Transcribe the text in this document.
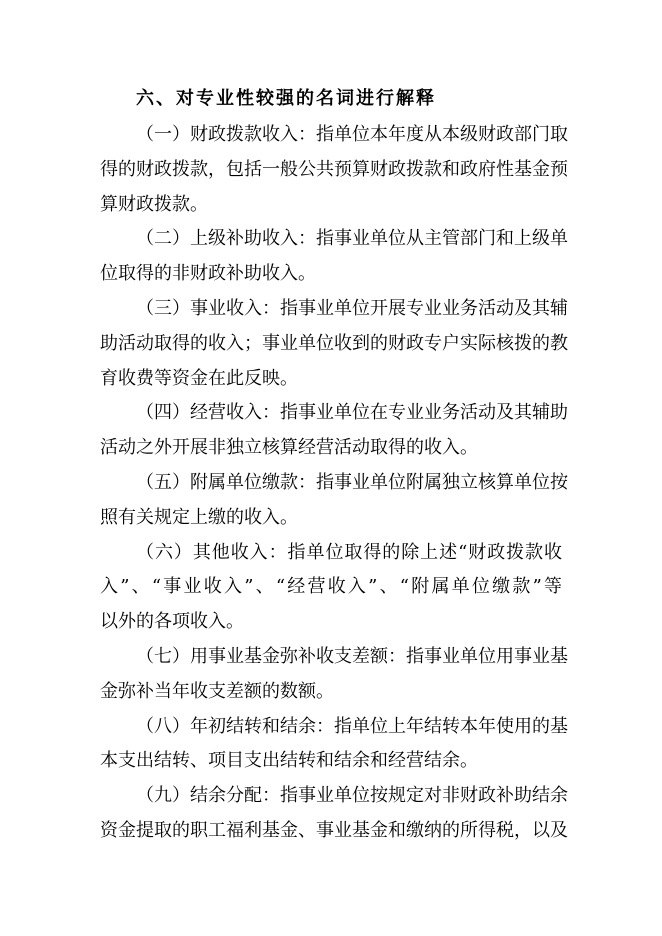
六、对专业性较强的名词进行解释
（一）财政拨款收入：指单位本年度从本级财政部门取
得的财政拨款，包括一般公共预算财政拨款和政府性基金预
算财政拨款。
（二）上级补助收入：指事业单位从主管部门和上级单
位取得的非财政补助收入。
（三）事业收入：指事业单位开展专业业务活动及其辅
助活动取得的收入；事业单位收到的财政专户实际核拨的教
育收费等资金在此反映。
（四）经营收入：指事业单位在专业业务活动及其辅助
活动之外开展非独立核算经营活动取得的收入。
（五）附属单位缴款：指事业单位附属独立核算单位按
照有关规定上缴的收入。
（六）其他收入：指单位取得的除上述“财政拨款收
入”、“事业收入”、“经营收入”、“附属单位缴款”等
以外的各项收入。
（七）用事业基金弥补收支差额：指事业单位用事业基
金弥补当年收支差额的数额。
（八）年初结转和结余：指单位上年结转本年使用的基
本支出结转、项目支出结转和结余和经营结余。
（九）结余分配：指事业单位按规定对非财政补助结余
资金提取的职工福利基金、事业基金和缴纳的所得税，以及
